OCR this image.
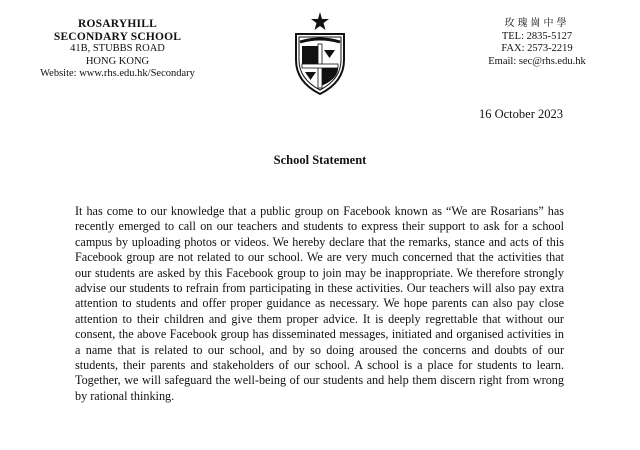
ROSARYHILL
SECONDARY SCHOOL
41B, STUBBS ROAD
HONG KONG
Website: www.rhs.edu.hk/Secondary
玫瑰崗中學
TEL: 2835-5127
FAX: 2573-2219
Email: sec@rhs.edu.hk
16 October 2023
School Statement

It has come to our knowledge that a public group on Facebook known as “We are Rosarians” has recently emerged to call on our teachers and students to express their support to ask for a school campus by uploading photos or videos. We hereby declare that the remarks, stance and acts of this Facebook group are not related to our school. We are very much concerned that the activities that our students are asked by this Facebook group to join may be inappropriate. We therefore strongly advise our students to refrain from participating in these activities. Our teachers will also pay extra attention to students and offer proper guidance as necessary. We hope parents can also pay close attention to their children and give them proper advice. It is deeply regrettable that without our consent, the above Facebook group has disseminated messages, initiated and organised activities in a name that is related to our school, and by so doing aroused the concerns and doubts of our students, their parents and stakeholders of our school. A school is a place for students to learn. Together, we will safeguard the well-being of our students and help them discern right from wrong by rational thinking.
